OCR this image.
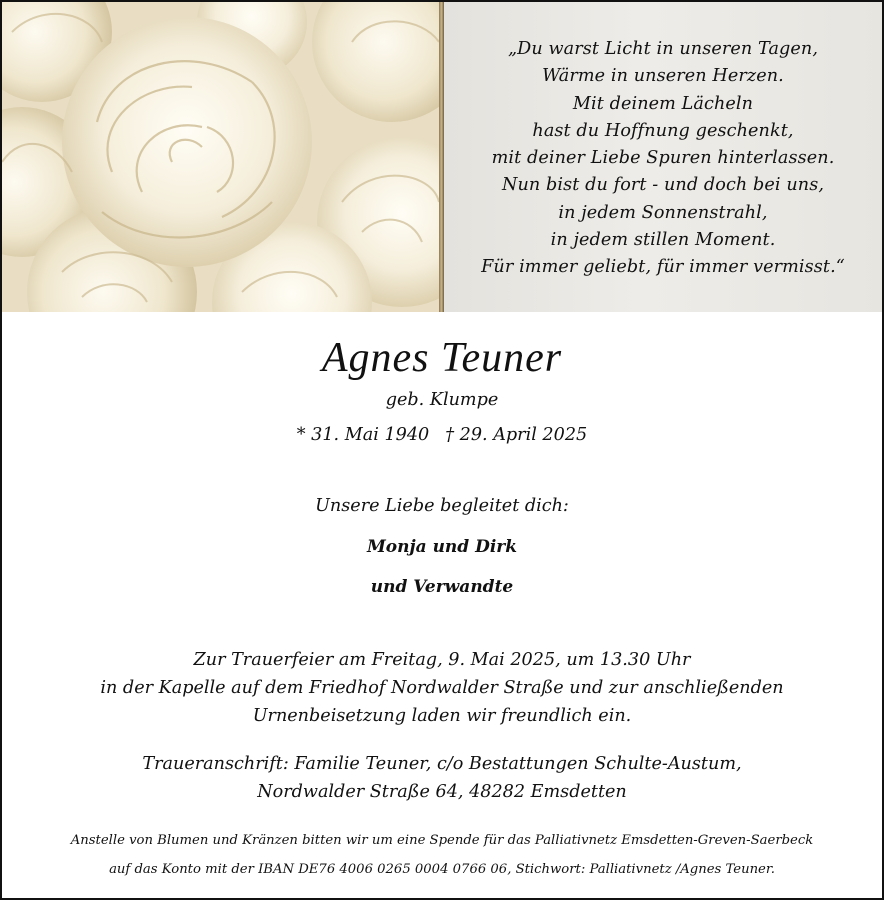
„Du warst Licht in unseren Tagen,
Wärme in unseren Herzen.
Mit deinem Lächeln
hast du Hoffnung geschenkt,
mit deiner Liebe Spuren hinterlassen.
Nun bist du fort - und doch bei uns,
in jedem Sonnenstrahl,
in jedem stillen Moment.
Für immer geliebt, für immer vermisst.“
Agnes Teuner
geb. Klumpe
* 31. Mai 1940 † 29. April 2025
Unsere Liebe begleitet dich:
Monja und Dirk
und Verwandte
Zur Trauerfeier am Freitag, 9. Mai 2025, um 13.30 Uhr
in der Kapelle auf dem Friedhof Nordwalder Straße und zur anschließenden
Urnenbeisetzung laden wir freundlich ein.
Traueranschrift: Familie Teuner, c/o Bestattungen Schulte-Austum,
Nordwalder Straße 64, 48282 Emsdetten
Anstelle von Blumen und Kränzen bitten wir um eine Spende für das Palliativnetz Emsdetten-Greven-Saerbeck
auf das Konto mit der IBAN DE76 4006 0265 0004 0766 06, Stichwort: Palliativnetz /Agnes Teuner.
